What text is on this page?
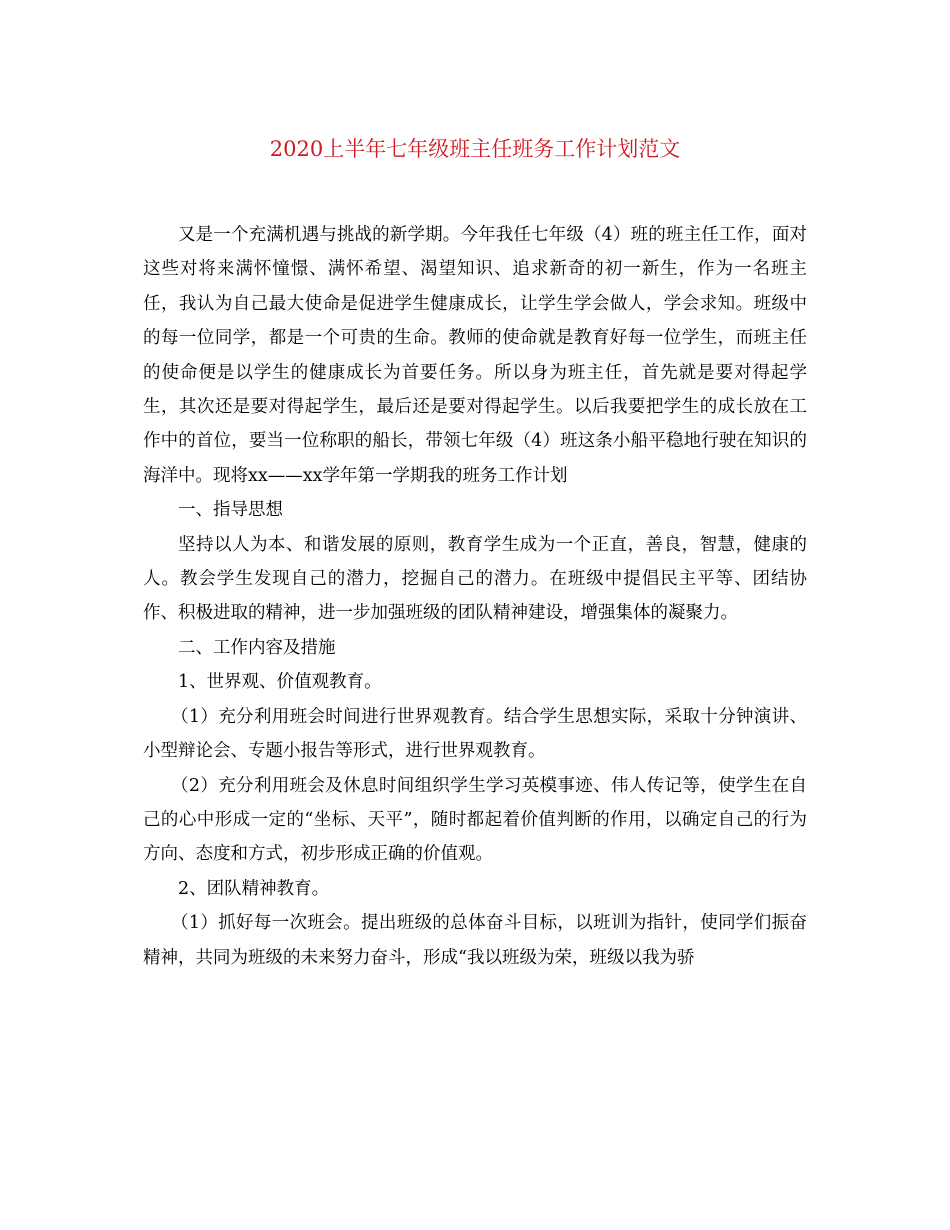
2020上半年七年级班主任班务工作计划范文

又是一个充满机遇与挑战的新学期。今年我任七年级（4）班的班主任工作，面对这些对将来满怀憧憬、满怀希望、渴望知识、追求新奇的初一新生，作为一名班主任，我认为自己最大使命是促进学生健康成长，让学生学会做人，学会求知。班级中的每一位同学，都是一个可贵的生命。教师的使命就是教育好每一位学生，而班主任的使命便是以学生的健康成长为首要任务。所以身为班主任，首先就是要对得起学生，其次还是要对得起学生，最后还是要对得起学生。以后我要把学生的成长放在工作中的首位，要当一位称职的船长，带领七年级（4）班这条小船平稳地行驶在知识的海洋中。现将xx——xx学年第一学期我的班务工作计划

一、指导思想

坚持以人为本、和谐发展的原则，教育学生成为一个正直，善良，智慧，健康的人。教会学生发现自己的潜力，挖掘自己的潜力。在班级中提倡民主平等、团结协作、积极进取的精神，进一步加强班级的团队精神建设，增强集体的凝聚力。

二、工作内容及措施

1、世界观、价值观教育。

（1）充分利用班会时间进行世界观教育。结合学生思想实际，采取十分钟演讲、小型辩论会、专题小报告等形式，进行世界观教育。

（2）充分利用班会及休息时间组织学生学习英模事迹、伟人传记等，使学生在自己的心中形成一定的“坐标、天平”，随时都起着价值判断的作用，以确定自己的行为方向、态度和方式，初步形成正确的价值观。

2、团队精神教育。

（1）抓好每一次班会。提出班级的总体奋斗目标，以班训为指针，使同学们振奋精神，共同为班级的未来努力奋斗，形成“我以班级为荣，班级以我为骄
